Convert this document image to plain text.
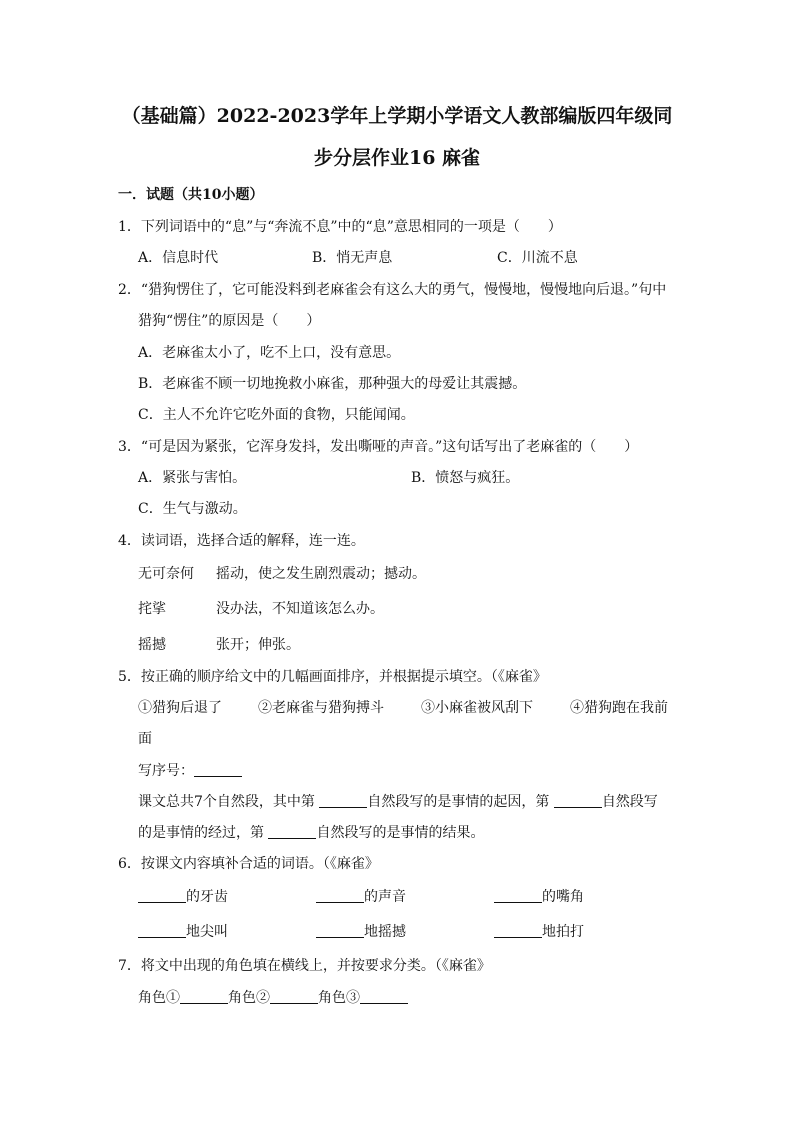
（基础篇）2022-2023学年上学期小学语文人教部编版四年级同
步分层作业16 麻雀
一．试题（共10小题）
1．下列词语中的“息”与“奔流不息”中的“息”意思相同的一项是（　　）
A．信息时代	B．悄无声息	C．川流不息
2．“猎狗愣住了，它可能没料到老麻雀会有这么大的勇气，慢慢地，慢慢地向后退。”句中
猎狗“愣住”的原因是（　　）
A．老麻雀太小了，吃不上口，没有意思。
B．老麻雀不顾一切地挽救小麻雀，那种强大的母爱让其震撼。
C．主人不允许它吃外面的食物，只能闻闻。
3．“可是因为紧张，它浑身发抖，发出嘶哑的声音。”这句话写出了老麻雀的（　　）
A．紧张与害怕。	B．愤怒与疯狂。
C．生气与激动。
4．读词语，选择合适的解释，连一连。
无可奈何 摇动，使之发生剧烈震动；撼动。
挓挲	没办法，不知道该怎么办。
摇撼	张开；伸张。
5．按正确的顺序给文中的几幅画面排序，并根据提示填空。（《麻雀》
①猎狗后退了	②老麻雀与猎狗搏斗	③小麻雀被风刮下	④猎狗跑在我前
面
写序号：
课文总共7个自然段，其中第	自然段写的是事情的起因，第	自然段写
的是事情的经过，第	自然段写的是事情的结果。
6．按课文内容填补合适的词语。（《麻雀》
的牙齿	的声音	的嘴角
地尖叫	地摇撼	地拍打
7．将文中出现的角色填在横线上，并按要求分类。（《麻雀》
角色①	角色②	角色③
